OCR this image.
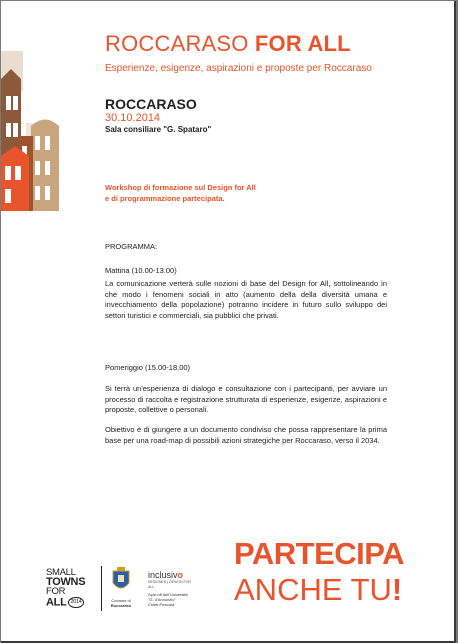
ROCCARASO FOR ALL
Esperienze, esigenze, aspirazioni e proposte per Roccaraso
ROCCARASO
30.10.2014
Sala consiliare "G. Spataro"
Workshop di formazione sul Design for All
e di programmazione partecipata.
PROGRAMMA:
Mattina (10.00-13.00)
La comunicazione verterà sulle nozioni di base del Design for All, sottolineando in che modo i fenomeni sociali in atto (aumento della della diversità umana e invecchiamento della popolazione) potranno incidere in futuro sullo sviluppo dei settori turistici e commerciali, sia pubblici che privati.
Pomeriggio (15.00-18.00)
Si terrà un'esperienza di dialogo e consultazione con i partecipanti, per avviare un processo di raccolta e registrazione strutturata di esperienze, esigenze, aspirazioni e proposte, collettive o personali.
Obiettivo è di giungere a un documento condiviso che possa rappresentare la prima base per una road-map di possibili azioni strategiche per Roccaraso, verso il 2034.
SMALL
TOWNS
FOR
ALL 2014	Comune di
Roccaraso
inclusivo
DESIGNED | DESIGN FOR ALL
Spin-off dell'Università
"G. d'Annunzio"
Chieti-Pescara
PARTECIPA
ANCHE TU!
